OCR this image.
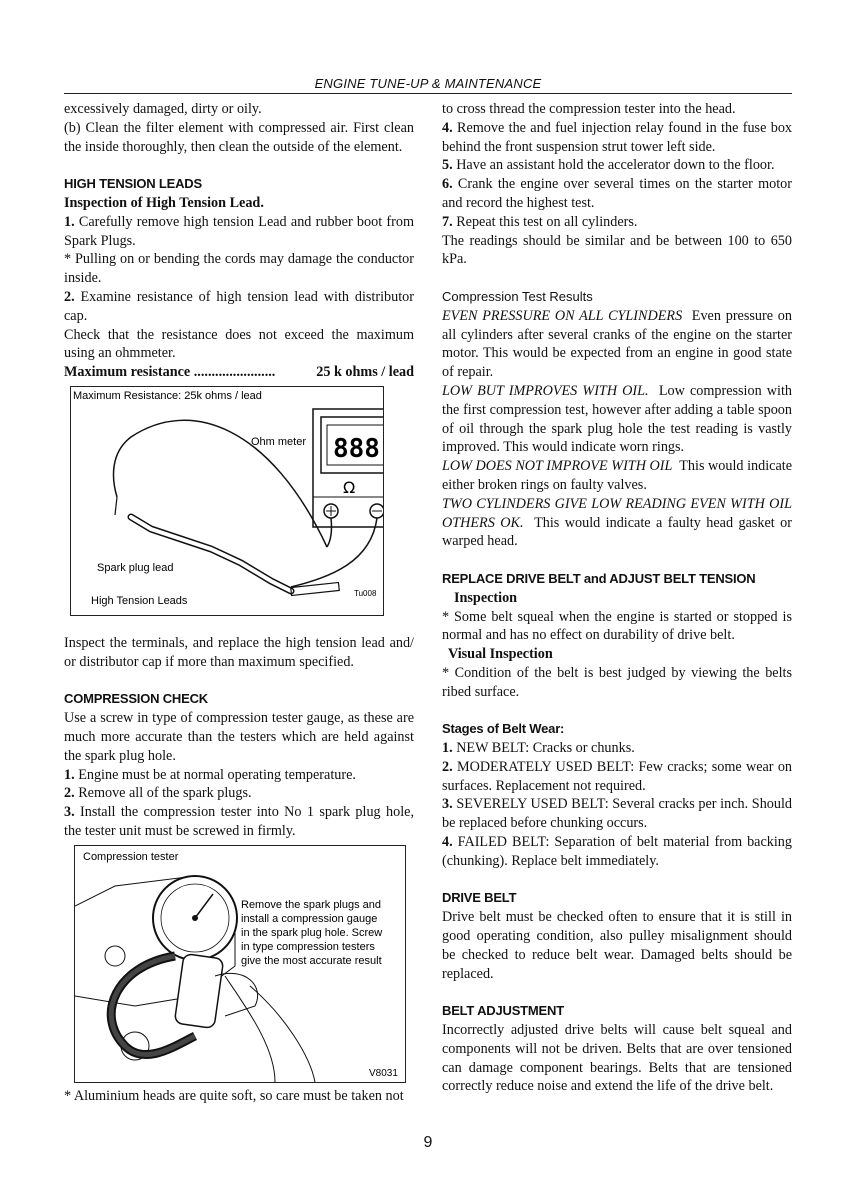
ENGINE TUNE-UP & MAINTENANCE

excessively damaged, dirty or oily.

(b) Clean the filter element with compressed air. First clean the inside thoroughly, then clean the outside of the element.

HIGH TENSION LEADS

Inspection of High Tension Lead.

1. Carefully remove high tension Lead and rubber boot from Spark Plugs.

* Pulling on or bending the cords may damage the conductor inside.

2. Examine resistance of high tension lead with distributor cap.

Check that the resistance does not exceed the maximum using an ohmmeter.

Maximum resistance .......................	25 k ohms / lead

Maximum Resistance: 25k ohms / lead
Ohm meter 888
Ω
Spark plug lead
High Tension Leads
Tu008

Inspect the terminals, and replace the high tension lead and/ or distributor cap if more than maximum specified.

COMPRESSION CHECK

Use a screw in type of compression tester gauge, as these are much more accurate than the testers which are held against the spark plug hole.

1. Engine must be at normal operating temperature.

2. Remove all of the spark plugs.

3. Install the compression tester into No 1 spark plug hole, the tester unit must be screwed in firmly.

Compression tester
Remove the spark plugs and
install a compression gauge
in the spark plug hole. Screw
in type compression testers
give the most accurate result
V8031

* Aluminium heads are quite soft, so care must be taken not

to cross thread the compression tester into the head.

4. Remove the and fuel injection relay found in the fuse box behind the front suspension strut tower left side.

5. Have an assistant hold the accelerator down to the floor.

6. Crank the engine over several times on the starter motor and record the highest test.

7. Repeat this test on all cylinders.

The readings should be similar and be between 100 to 650 kPa.

Compression Test Results

EVEN PRESSURE ON ALL CYLINDERS Even pressure on all cylinders after several cranks of the engine on the starter motor. This would be expected from an engine in good state of repair.

LOW BUT IMPROVES WITH OIL. Low compression with the first compression test, however after adding a table spoon of oil through the spark plug hole the test reading is vastly improved. This would indicate worn rings.

LOW DOES NOT IMPROVE WITH OIL This would indicate either broken rings on faulty valves.

TWO CYLINDERS GIVE LOW READING EVEN WITH OIL OTHERS OK. This would indicate a faulty head gasket or warped head.

REPLACE DRIVE BELT and ADJUST BELT TENSION

Inspection

* Some belt squeal when the engine is started or stopped is normal and has no effect on durability of drive belt.

Visual Inspection

* Condition of the belt is best judged by viewing the belts ribed surface.

Stages of Belt Wear:

1. NEW BELT: Cracks or chunks.

2. MODERATELY USED BELT: Few cracks; some wear on surfaces. Replacement not required.

3. SEVERELY USED BELT: Several cracks per inch. Should be replaced before chunking occurs.

4. FAILED BELT: Separation of belt material from backing (chunking). Replace belt immediately.

DRIVE BELT

Drive belt must be checked often to ensure that it is still in good operating condition, also pulley misalignment should be checked to reduce belt wear. Damaged belts should be replaced.

BELT ADJUSTMENT

Incorrectly adjusted drive belts will cause belt squeal and components will not be driven. Belts that are over tensioned can damage component bearings. Belts that are tensioned correctly reduce noise and extend the life of the drive belt.

9
